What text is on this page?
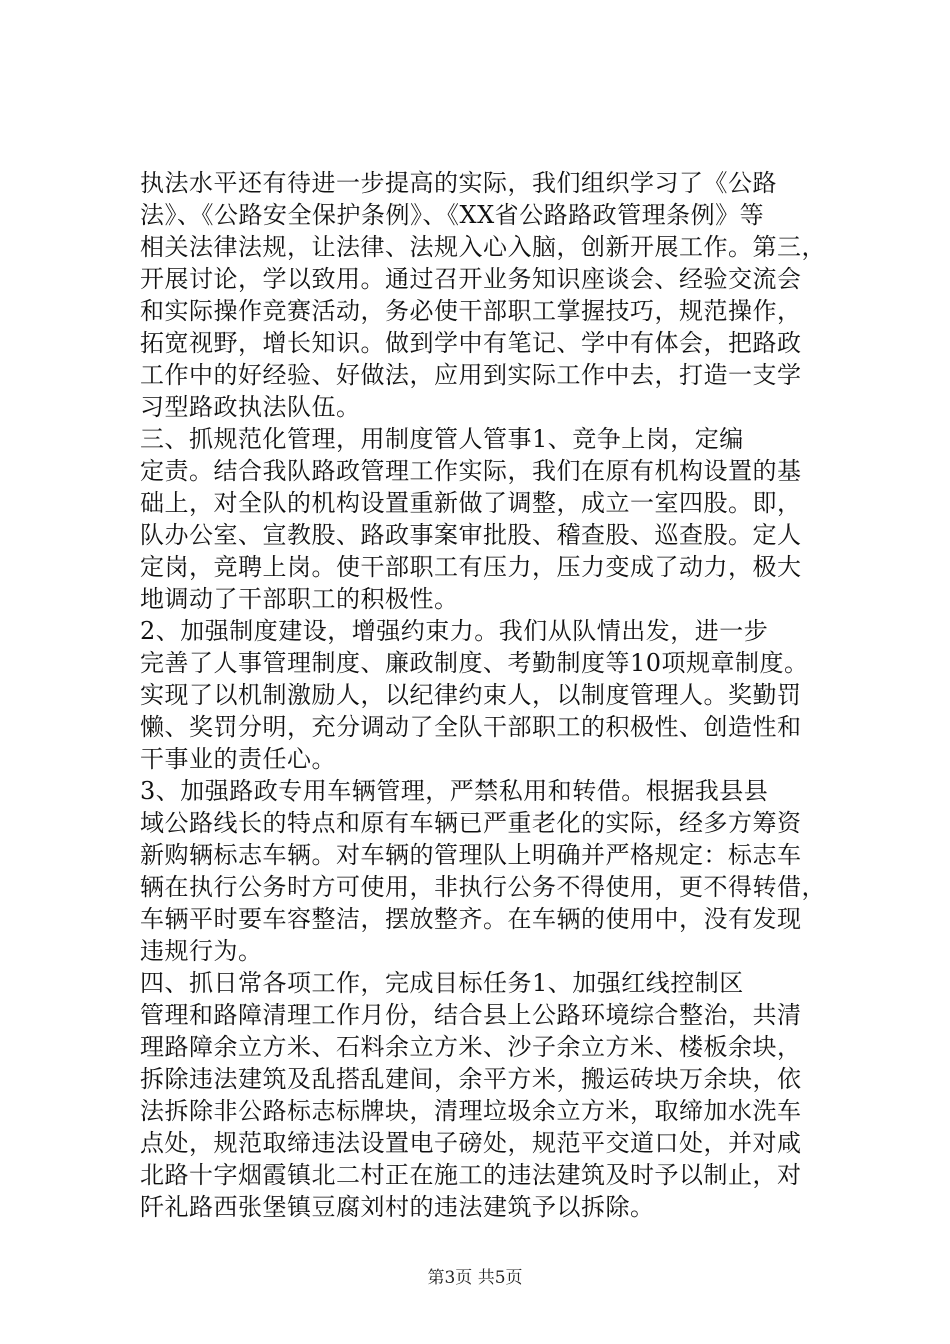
执法水平还有待进一步提高的实际，我们组织学习了《公路
法》、《公路安全保护条例》、《XX省公路路政管理条例》等
相关法律法规，让法律、法规入心入脑，创新开展工作。第三，
开展讨论，学以致用。通过召开业务知识座谈会、经验交流会
和实际操作竞赛活动，务必使干部职工掌握技巧，规范操作，
拓宽视野，增长知识。做到学中有笔记、学中有体会，把路政
工作中的好经验、好做法，应用到实际工作中去，打造一支学
习型路政执法队伍。
三、抓规范化管理，用制度管人管事1、竞争上岗，定编
定责。结合我队路政管理工作实际，我们在原有机构设置的基
础上，对全队的机构设置重新做了调整，成立一室四股。即，
队办公室、宣教股、路政事案审批股、稽查股、巡查股。定人
定岗，竞聘上岗。使干部职工有压力，压力变成了动力，极大
地调动了干部职工的积极性。
2、加强制度建设，增强约束力。我们从队情出发，进一步
完善了人事管理制度、廉政制度、考勤制度等10项规章制度。
实现了以机制激励人，以纪律约束人，以制度管理人。奖勤罚
懒、奖罚分明，充分调动了全队干部职工的积极性、创造性和
干事业的责任心。
3、加强路政专用车辆管理，严禁私用和转借。根据我县县
域公路线长的特点和原有车辆已严重老化的实际，经多方筹资
新购辆标志车辆。对车辆的管理队上明确并严格规定：标志车
辆在执行公务时方可使用，非执行公务不得使用，更不得转借，
车辆平时要车容整洁，摆放整齐。在车辆的使用中，没有发现
违规行为。
四、抓日常各项工作，完成目标任务1、加强红线控制区
管理和路障清理工作月份，结合县上公路环境综合整治，共清
理路障余立方米、石料余立方米、沙子余立方米、楼板余块，
拆除违法建筑及乱搭乱建间，余平方米，搬运砖块万余块，依
法拆除非公路标志标牌块，清理垃圾余立方米，取缔加水洗车
点处，规范取缔违法设置电子磅处，规范平交道口处，并对咸
北路十字烟霞镇北二村正在施工的违法建筑及时予以制止，对
阡礼路西张堡镇豆腐刘村的违法建筑予以拆除。
第3页 共5页
